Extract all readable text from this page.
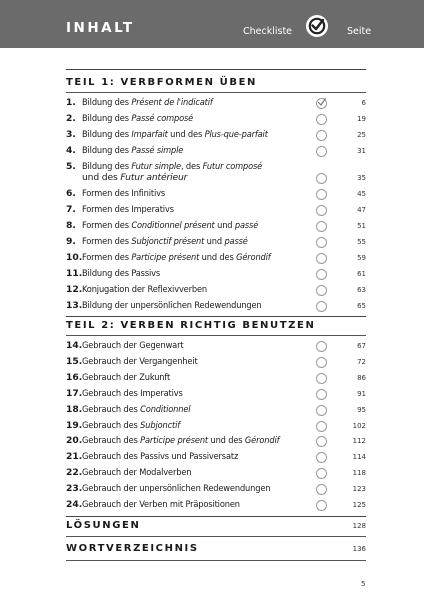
INHALT	Checkliste	Seite
TEIL 1: VERBFORMEN ÜBEN
1. Bildung des Présent de l'indicatif	6
2. Bildung des Passé composé	19
3. Bildung des Imparfait und des Plus-que-parfait	25
4. Bildung des Passé simple	31
5. Bildung des Futur simple, des Futur composé
und des Futur antérieur	35
6. Formen des Infinitivs	45
7. Formen des Imperativs	47
8. Formen des Conditionnel présent und passé	51
9. Formen des Subjonctif présent und passé	55
10. Formen des Participe présent und des Gérondif	59
11. Bildung des Passivs	61
12. Konjugation der Reflexivverben	63
13. Bildung der unpersönlichen Redewendungen	65
TEIL 2: VERBEN RICHTIG BENUTZEN
14. Gebrauch der Gegenwart	67
15. Gebrauch der Vergangenheit	72
16. Gebrauch der Zukunft	86
17. Gebrauch des Imperativs	91
18. Gebrauch des Conditionnel	95
19. Gebrauch des Subjonctif	102
20. Gebrauch des Participe présent und des Gérondif	112
21. Gebrauch des Passivs und Passiversatz	114
22. Gebrauch der Modalverben	118
23. Gebrauch der unpersönlichen Redewendungen	123
24. Gebrauch der Verben mit Präpositionen	125
LÖSUNGEN	128
WORTVERZEICHNIS	136
5
